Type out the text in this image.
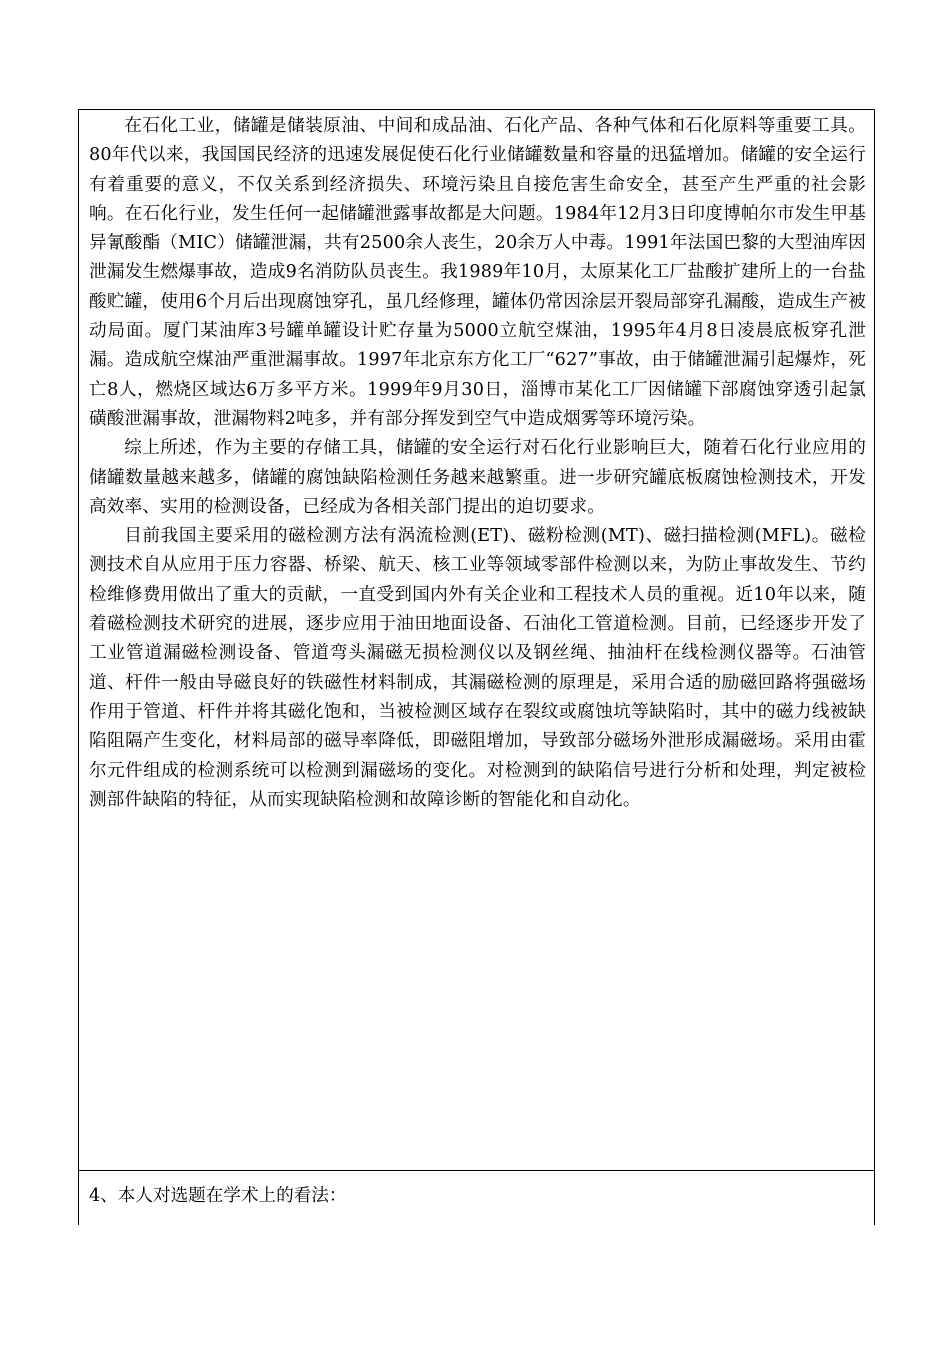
在石化工业，储罐是储装原油、中间和成品油、石化产品、各种气体和石化原料等重要工具。80年代以来，我国国民经济的迅速发展促使石化行业储罐数量和容量的迅猛增加。储罐的安全运行有着重要的意义，不仅关系到经济损失、环境污染且自接危害生命安全，甚至产生严重的社会影响。在石化行业，发生任何一起储罐泄露事故都是大问题。1984年12月3日印度博帕尔市发生甲基异氰酸酯（MIC）储罐泄漏，共有2500余人丧生，20余万人中毒。1991年法国巴黎的大型油库因泄漏发生燃爆事故，造成9名消防队员丧生。我1989年10月，太原某化工厂盐酸扩建所上的一台盐酸贮罐，使用6个月后出现腐蚀穿孔，虽几经修理，罐体仍常因涂层开裂局部穿孔漏酸，造成生产被动局面。厦门某油库3号罐单罐设计贮存量为5000立航空煤油，1995年4月8日凌晨底板穿孔泄漏。造成航空煤油严重泄漏事故。1997年北京东方化工厂“627”事故，由于储罐泄漏引起爆炸，死亡8人，燃烧区域达6万多平方米。1999年9月30日，淄博市某化工厂因储罐下部腐蚀穿透引起氯磺酸泄漏事故，泄漏物料2吨多，并有部分挥发到空气中造成烟雾等环境污染。

综上所述，作为主要的存储工具，储罐的安全运行对石化行业影响巨大，随着石化行业应用的储罐数量越来越多，储罐的腐蚀缺陷检测任务越来越繁重。进一步研究罐底板腐蚀检测技术，开发高效率、实用的检测设备，已经成为各相关部门提出的迫切要求。

目前我国主要采用的磁检测方法有涡流检测(ET)、磁粉检测(MT)、磁扫描检测(MFL)。磁检测技术自从应用于压力容器、桥梁、航天、核工业等领域零部件检测以来，为防止事故发生、节约检维修费用做出了重大的贡献，一直受到国内外有关企业和工程技术人员的重视。近10年以来，随着磁检测技术研究的进展，逐步应用于油田地面设备、石油化工管道检测。目前，已经逐步开发了工业管道漏磁检测设备、管道弯头漏磁无损检测仪以及钢丝绳、抽油杆在线检测仪器等。石油管道、杆件一般由导磁良好的铁磁性材料制成，其漏磁检测的原理是，采用合适的励磁回路将强磁场作用于管道、杆件并将其磁化饱和，当被检测区域存在裂纹或腐蚀坑等缺陷时，其中的磁力线被缺陷阻隔产生变化，材料局部的磁导率降低，即磁阻增加，导致部分磁场外泄形成漏磁场。采用由霍尔元件组成的检测系统可以检测到漏磁场的变化。对检测到的缺陷信号进行分析和处理，判定被检测部件缺陷的特征，从而实现缺陷检测和故障诊断的智能化和自动化。

4、本人对选题在学术上的看法：
